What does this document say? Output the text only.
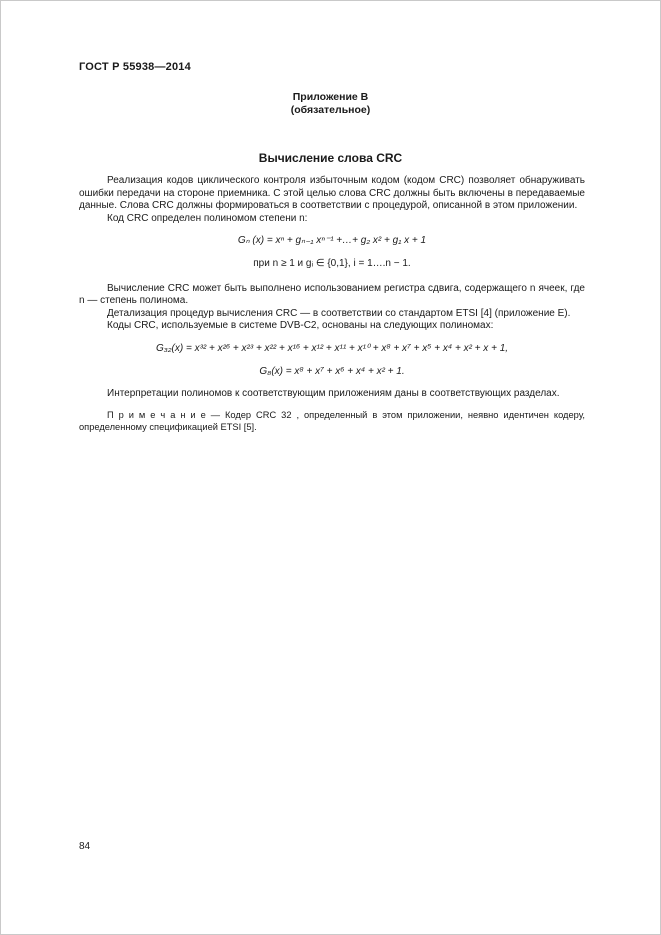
ГОСТ Р 55938—2014
Приложение В
(обязательное)
Вычисление слова CRC

Реализация кодов циклического контроля избыточным кодом (кодом CRC) позволяет обнаруживать ошибки передачи на стороне приемника. С этой целью слова CRC должны быть включены в передаваемые данные. Слова CRC должны формироваться в соответствии с процедурой, описанной в этом приложении.

Код CRC определен полиномом степени n:

Gₙ (x) = xⁿ + gₙ₋₁ xⁿ⁻¹ +…+ g₂ x² + g₁ x + 1
при n ≥ 1 и gᵢ ∈ {0,1}, i = 1….n − 1.

Вычисление CRC может быть выполнено использованием регистра сдвига, содержащего n ячеек, где n — степень полинома.

Детализация процедур вычисления CRC — в соответствии со стандартом ETSI [4] (приложение E).

Коды CRC, используемые в системе DVB-C2, основаны на следующих полиномах:

G₃₂(x) = x³² + x²⁶ + x²³ + x²² + x¹⁶ + x¹² + x¹¹ + x¹⁰ + x⁸ + x⁷ + x⁵ + x⁴ + x² + x + 1,
G₈(x) = x⁸ + x⁷ + x⁶ + x⁴ + x² + 1.

Интерпретации полиномов к соответствующим приложениям даны в соответствующих разделах.

П р и м е ч а н и е — Кодер CRC 32 , определенный в этом приложении, неявно идентичен кодеру, определенному спецификацией ETSI [5].

84
